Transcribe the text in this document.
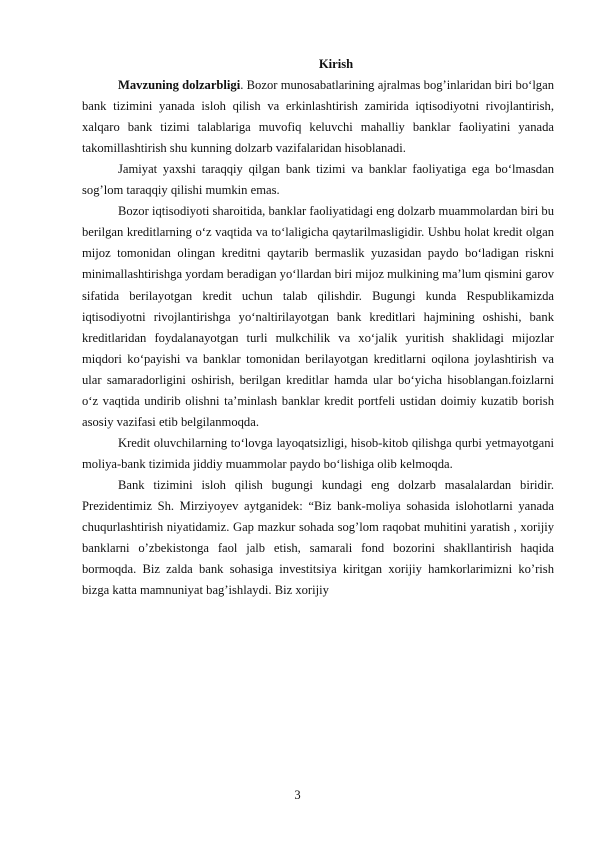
Kirish

Mavzuning dolzarbligi. Bozor munosabatlarining ajralmas bog’inlaridan biri bo‘lgan bank tizimini yanada isloh qilish va erkinlashtirish zamirida iqtisodiyotni rivojlantirish, xalqaro bank tizimi talablariga muvofiq keluvchi mahalliy banklar faoliyatini yanada takomillashtirish shu kunning dolzarb vazifalaridan hisoblanadi.

Jamiyat yaxshi taraqqiy qilgan bank tizimi va banklar faoliyatiga ega bo‘lmasdan sog’lom taraqqiy qilishi mumkin emas.

Bozor iqtisodiyoti sharoitida, banklar faoliyatidagi eng dolzarb muammolardan biri bu berilgan kreditlarning o‘z vaqtida va to‘laligicha qaytarilmasligidir. Ushbu holat kredit olgan mijoz tomonidan olingan kreditni qaytarib bermaslik yuzasidan paydo bo‘ladigan riskni minimallashtirishga yordam beradigan yo‘llardan biri mijoz mulkining ma’lum qismini garov sifatida berilayotgan kredit uchun talab qilishdir. Bugungi kunda Respublikamizda iqtisodiyotni rivojlantirishga yo‘naltirilayotgan bank kreditlari hajmining oshishi, bank kreditlaridan foydalanayotgan turli mulkchilik va xo‘jalik yuritish shaklidagi mijozlar miqdori ko‘payishi va banklar tomonidan berilayotgan kreditlarni oqilona joylashtirish va ular samaradorligini oshirish, berilgan kreditlar hamda ular bo‘yicha hisoblangan.foizlarni o‘z vaqtida undirib olishni ta’minlash banklar kredit portfeli ustidan doimiy kuzatib borish asosiy vazifasi etib belgilanmoqda.

Kredit oluvchilarning to‘lovga layoqatsizligi, hisob-kitob qilishga qurbi yetmayotgani moliya-bank tizimida jiddiy muammolar paydo bo‘lishiga olib kelmoqda.

Bank tizimini isloh qilish bugungi kundagi eng dolzarb masalalardan biridir. Prezidentimiz Sh. Mirziyoyev aytganidek: “Biz bank-moliya sohasida islohotlarni yanada chuqurlashtirish niyatidamiz. Gap mazkur sohada sog’lom raqobat muhitini yaratish , xorijiy banklarni o’zbekistonga faol jalb etish, samarali fond bozorini shakllantirish haqida bormoqda. Biz zalda bank sohasiga investitsiya kiritgan xorijiy hamkorlarimizni ko’rish bizga katta mamnuniyat bag’ishlaydi. Biz xorijiy

3
